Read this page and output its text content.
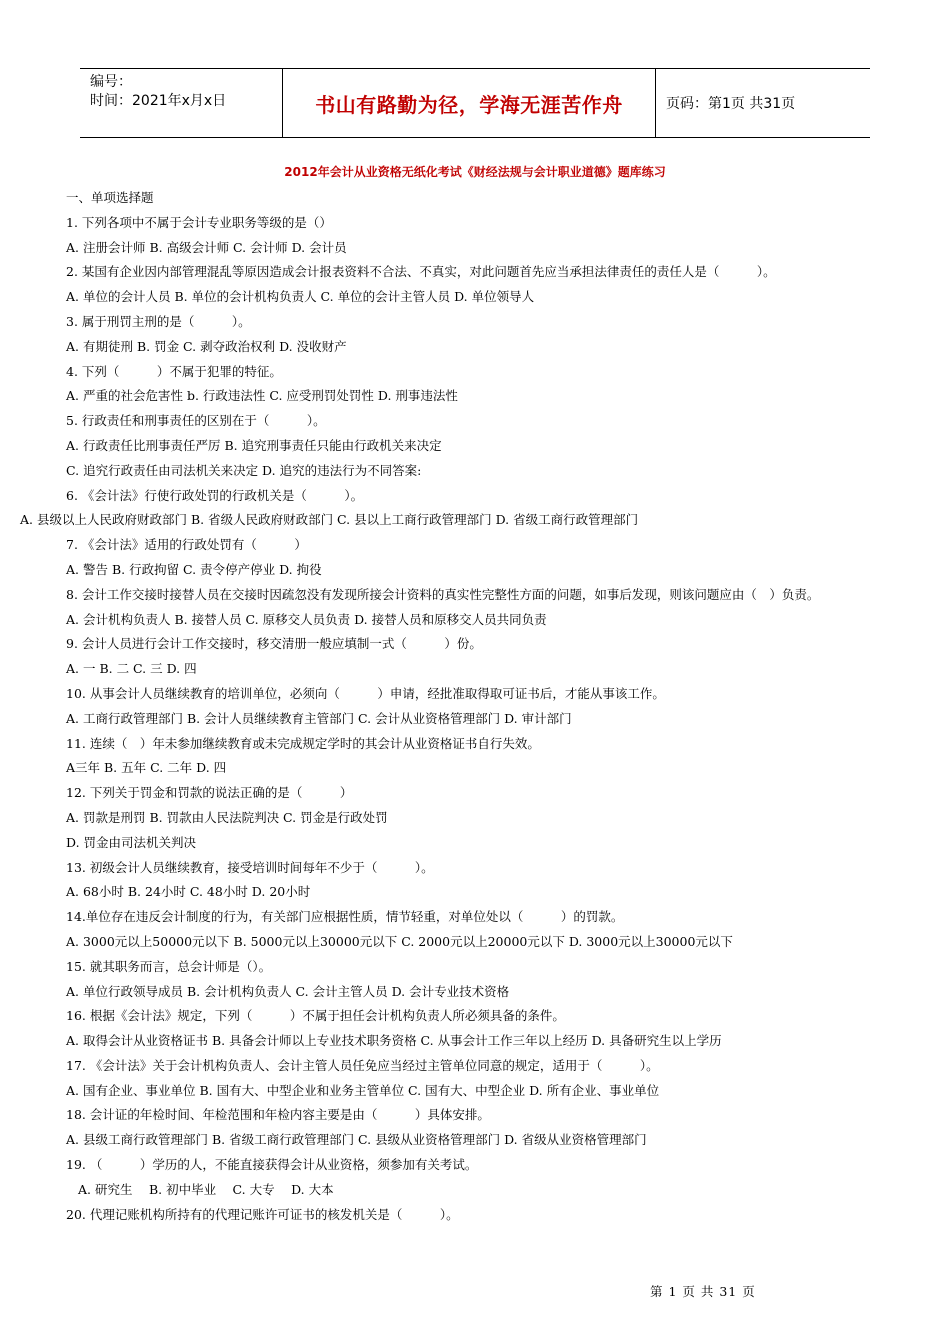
编号：
时间：2021年x月x日	书山有路勤为径，学海无涯苦作舟	页码：第1页 共31页
2012年会计从业资格无纸化考试《财经法规与会计职业道德》题库练习
一、单项选择题
1. 下列各项中不属于会计专业职务等级的是（）
A. 注册会计师 B. 高级会计师 C. 会计师 D. 会计员
2. 某国有企业因内部管理混乱等原因造成会计报表资料不合法、不真实，对此问题首先应当承担法律责任的责任人是（　　　）。
A. 单位的会计人员 B. 单位的会计机构负责人 C. 单位的会计主管人员 D. 单位领导人
3. 属于刑罚主刑的是（　　　）。
A. 有期徒刑 B. 罚金 C. 剥夺政治权利 D. 没收财产
4. 下列（　　　）不属于犯罪的特征。
A. 严重的社会危害性 b. 行政违法性 C. 应受刑罚处罚性 D. 刑事违法性
5. 行政责任和刑事责任的区别在于（　　　）。
A. 行政责任比刑事责任严厉 B. 追究刑事责任只能由行政机关来决定
C. 追究行政责任由司法机关来决定 D. 追究的违法行为不同答案:
6. 《会计法》行使行政处罚的行政机关是（　　　）。
A. 县级以上人民政府财政部门 B. 省级人民政府财政部门 C. 县以上工商行政管理部门 D. 省级工商行政管理部门
7. 《会计法》适用的行政处罚有（　　　）
A. 警告 B. 行政拘留 C. 责令停产停业 D. 拘役
8. 会计工作交接时接替人员在交接时因疏忽没有发现所接会计资料的真实性完整性方面的问题，如事后发现，则该问题应由（　）负责。
A. 会计机构负责人 B. 接替人员 C. 原移交人员负责 D. 接替人员和原移交人员共同负责
9. 会计人员进行会计工作交接时，移交清册一般应填制一式（　　　）份。
A. 一 B. 二 C. 三 D. 四
10. 从事会计人员继续教育的培训单位，必须向（　　　）申请，经批准取得取可证书后，才能从事该工作。
A. 工商行政管理部门 B. 会计人员继续教育主管部门 C. 会计从业资格管理部门 D. 审计部门
11. 连续（　）年未参加继续教育或未完成规定学时的其会计从业资格证书自行失效。
A三年 B. 五年 C. 二年 D. 四
12. 下列关于罚金和罚款的说法正确的是（　　　）
A. 罚款是刑罚 B. 罚款由人民法院判决 C. 罚金是行政处罚
D. 罚金由司法机关判决
13. 初级会计人员继续教育，接受培训时间每年不少于（　　　）。
A. 68小时 B. 24小时 C. 48小时 D. 20小时
14.单位存在违反会计制度的行为，有关部门应根据性质，情节轻重，对单位处以（　　　）的罚款。
A. 3000元以上50000元以下 B. 5000元以上30000元以下 C. 2000元以上20000元以下 D. 3000元以上30000元以下
15. 就其职务而言，总会计师是（）。
A. 单位行政领导成员 B. 会计机构负责人 C. 会计主管人员 D. 会计专业技术资格
16. 根据《会计法》规定，下列（　　　）不属于担任会计机构负责人所必须具备的条件。
A. 取得会计从业资格证书 B. 具备会计师以上专业技术职务资格 C. 从事会计工作三年以上经历 D. 具备研究生以上学历
17. 《会计法》关于会计机构负责人、会计主管人员任免应当经过主管单位同意的规定，适用于（　　　）。
A. 国有企业、事业单位 B. 国有大、中型企业和业务主管单位 C. 国有大、中型企业 D. 所有企业、事业单位
18. 会计证的年检时间、年检范围和年检内容主要是由（　　　）具体安排。
A. 县级工商行政管理部门 B. 省级工商行政管理部门 C. 县级从业资格管理部门 D. 省级从业资格管理部门
19. （　　　）学历的人，不能直接获得会计从业资格，须参加有关考试。
A. 研究生　 B. 初中毕业　 C. 大专　 D. 大本
20. 代理记账机构所持有的代理记账许可证书的核发机关是（　　　）。
第 1 页 共 31 页
